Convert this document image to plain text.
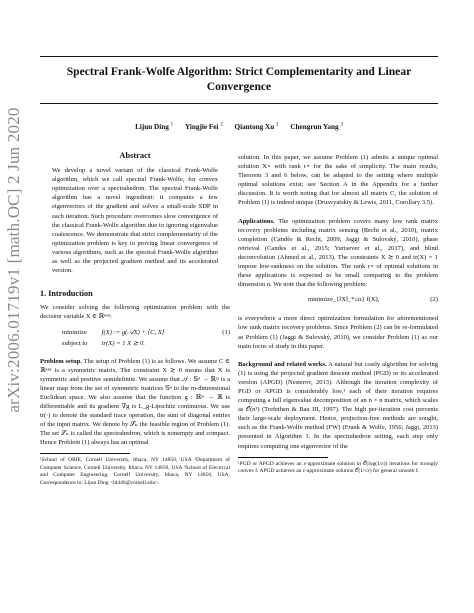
arXiv:2006.01719v1 [math.OC] 2 Jun 2020
Spectral Frank-Wolfe Algorithm: Strict Complementarity and Linear
Convergence
Lijun Ding $^1$ Yingjie Fei $^2$ Qiantong Xu $^2$ Chengrun Yang $^3$
Abstract
We develop a novel variant of the classical Frank-Wolfe algorithm, which we call spectral Frank-Wolfe, for convex optimization over a spectrahedron. The spectral Frank-Wolfe algorithm has a novel ingredient: it computes a few eigenvectors of the gradient and solves a small-scale SDP in each iteration. Such procedure overcomes slow convergence of the classical Frank-Wolfe algorithm due to ignoring eigenvalue coalescence. We demonstrate that strict complementarity of the optimization problem is key to proving linear convergence of various algorithms, such as the spectral Frank-Wolfe algorithm as well as the projected gradient method and its accelerated version.
1. Introduction

We consider solving the following optimization problem with the decision variable X ∈ ℝⁿˣⁿ:

minimize f(X) := g(𝒜X) + ⟨C, X⟩
subject to tr(X) = 1 X ⪰ 0.
(1)

Problem setup. The setup of Problem (1) is as follows. We assume C ∈ ℝⁿˣⁿ is a symmetric matrix. The constraint X ⪰ 0 means that X is symmetric and positive semidefinite. We assume that 𝒜 : 𝕊ⁿ → ℝᵐ is a linear map from the set of symmetric matrices 𝕊ⁿ to the m-dimensional Euclidean space. We also assume that the function g : ℝᵐ → ℝ is differentiable and its gradient ∇g is L_g-Lipschitz continuous. We use tr(·) to denote the standard trace operation, the sum of diagonal entries of the input matrix. We denote by 𝒮ₙ the feasible region of Problem (1). The set 𝒮ₙ is called the spectrahedron, which is nonempty and compact. Hence Problem (1) always has an optimal

¹School of ORIE, Cornell University, Ithaca, NY 14850, USA ²Department of Computer Science, Cornell University, Ithaca, NY 14850, USA ³School of Electrical and Computer Engineering, Cornell University, Ithaca, NY 14850, USA. Correspondence to: Lijun Ding <ld446@cornell.edu>.

solution. In this paper, we assume Problem (1) admits a unique optimal solution X⋆ with rank r⋆ for the sake of simplicity. The main results, Theorem 3 and 6 below, can be adapted to the setting where multiple optimal solutions exist; see Section A in the Appendix for a further discussion. It is worth noting that for almost all matrix C, the solution of Problem (1) is indeed unique (Drusvyatskiy & Lewis, 2011, Corollary 3.5).

Applications. The optimization problem covers many low rank matrix recovery problems including matrix sensing (Recht et al., 2010), matrix completion (Candès & Recht, 2009; Jaggi & Sulovský, 2010), phase retrieval (Candes et al., 2015; Yurtsever et al., 2017), and blind deconvolution (Ahmed et al., 2013). The constraints X ⪰ 0 and tr(X) = 1 impose low-rankness on the solution. The rank r⋆ of optimal solutions in these applications is expected to be small comparing to the problem dimension n. We note that the following problem:

minimize_{‖X‖_*≤α} f(X),	(2)

is everywhere a more direct optimization formulation for aforementioned low rank matrix recovery problems. Since Problem (2) can be re-formulated as Problem (1) (Jaggi & Sulovský, 2010), we consider Problem (1) as our main focus of study in this paper.

Background and related works. A natural but costly algorithm for solving (1) is using the projected gradient descent method (PGD) or its accelerated version (APGD) (Nesterov, 2013). Although the iteration complexity of PGD or APGD is considerably low,¹ each of their iteration requires computing a full eigenvalue decomposition of an n × n matrix, which scales as 𝒪(n³) (Trefethen & Bau III, 1997). The high per-iteration cost prevents their large-scale deployment. Hence, projection-free methods are sought, such as the Frank-Wolfe method (FW) (Frank & Wolfe, 1956; Jaggi, 2013) presented in Algorithm 1. In the spectrahedron setting, each step only requires computing one eigenvector of the

¹PGD or APGD achieves an ε-approximate solution in 𝒪(log(1/ε)) iterations for strongly convex f. APGD achieves an ε-approximate solution 𝒪(1/√ε) for general smooth f.
